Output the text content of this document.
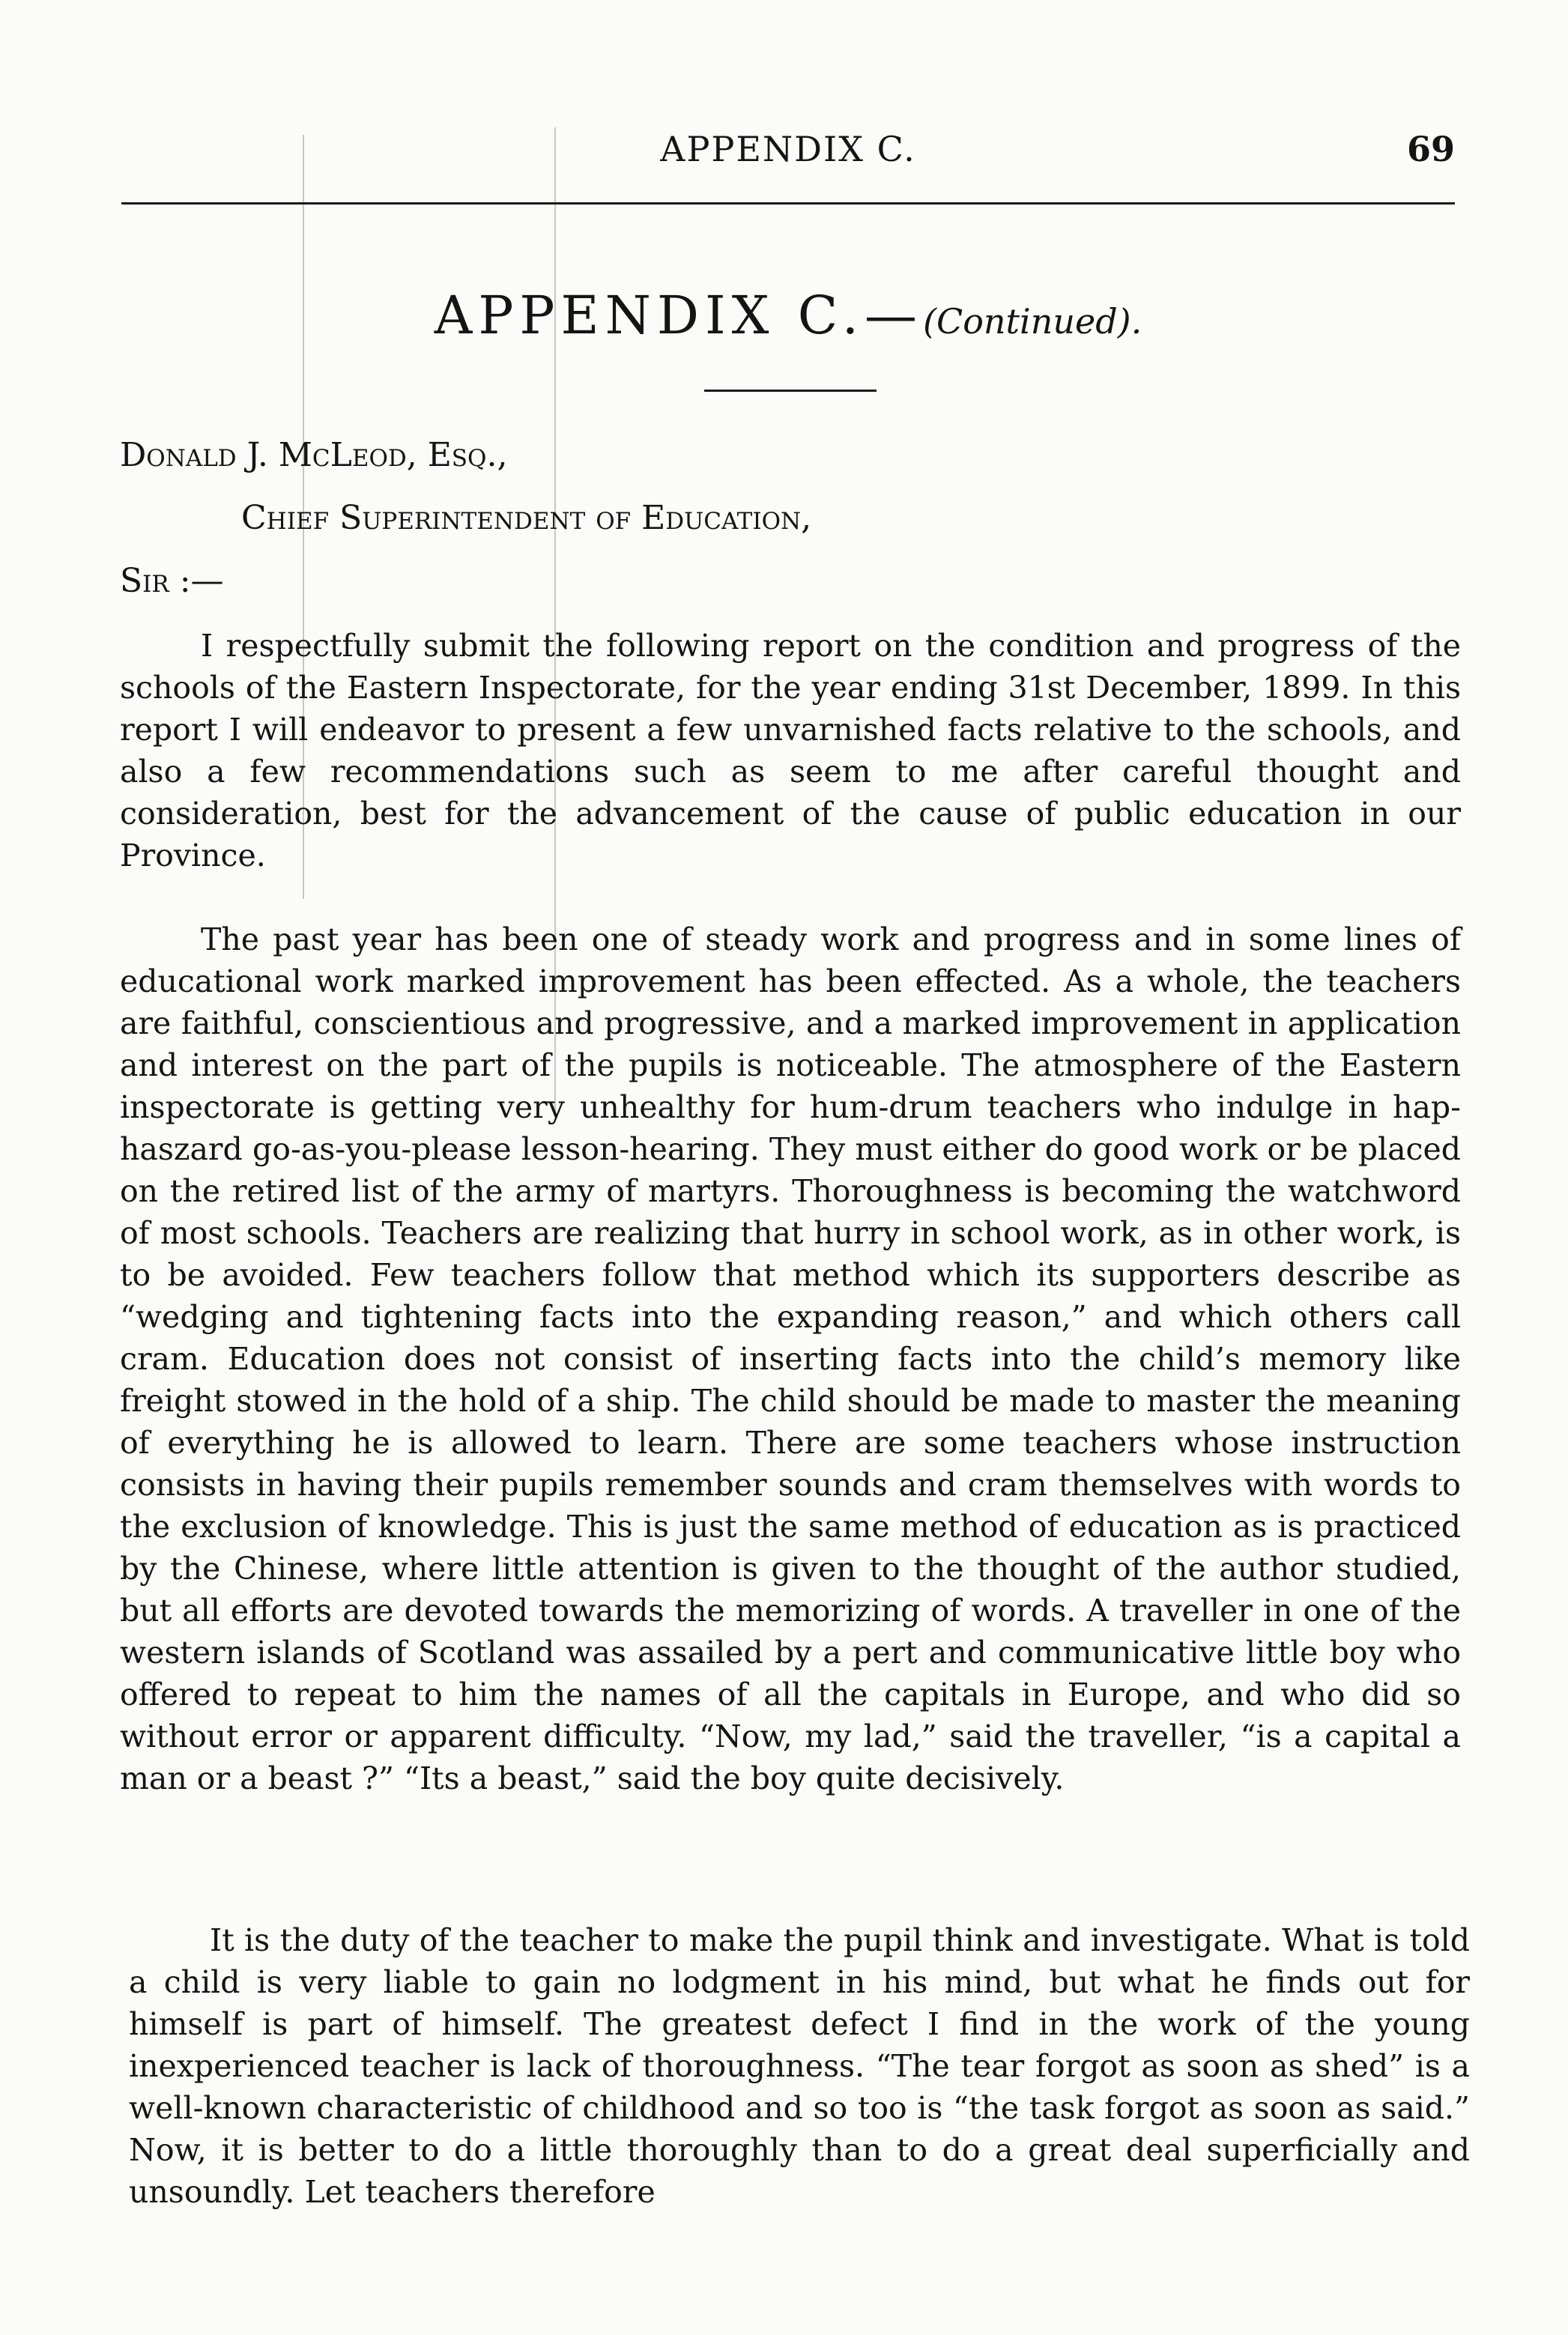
APPENDIX C.	69
APPENDIX C.—(Continued).
Donald J. McLeod, Esq.,
Chief Superintendent of Education,
Sir :—

I respectfully submit the following report on the condition and progress of the schools of the Eastern Inspectorate, for the year ending 31st December, 1899. In this report I will endeavor to present a few unvarnished facts relative to the schools, and also a few recommendations such as seem to me after careful thought and consideration, best for the advancement of the cause of public education in our Province.

The past year has been one of steady work and progress and in some lines of educational work marked improvement has been effected. As a whole, the teachers are faithful, conscientious and progressive, and a marked improvement in application and interest on the part of the pupils is noticeable. The atmosphere of the Eastern inspectorate is getting very unhealthy for hum-drum teachers who indulge in hap-haszard go-as-you-please lesson-hearing. They must either do good work or be placed on the retired list of the army of martyrs. Thoroughness is becoming the watchword of most schools. Teachers are realizing that hurry in school work, as in other work, is to be avoided. Few teachers follow that method which its supporters describe as “wedging and tightening facts into the expanding reason,” and which others call cram. Education does not consist of inserting facts into the child’s memory like freight stowed in the hold of a ship. The child should be made to master the meaning of everything he is allowed to learn. There are some teachers whose instruction consists in having their pupils remember sounds and cram themselves with words to the exclusion of knowledge. This is just the same method of education as is practiced by the Chinese, where little attention is given to the thought of the author studied, but all efforts are devoted towards the memorizing of words. A traveller in one of the western islands of Scotland was assailed by a pert and communicative little boy who offered to repeat to him the names of all the capitals in Europe, and who did so without error or apparent difficulty. “Now, my lad,” said the traveller, “is a capital a man or a beast ?” “Its a beast,” said the boy quite decisively.

It is the duty of the teacher to make the pupil think and investigate. What is told a child is very liable to gain no lodgment in his mind, but what he finds out for himself is part of himself. The greatest defect I find in the work of the young inexperienced teacher is lack of thoroughness. “The tear forgot as soon as shed” is a well-known characteristic of childhood and so too is “the task forgot as soon as said.” Now, it is better to do a little thoroughly than to do a great deal superficially and unsoundly. Let teachers therefore
